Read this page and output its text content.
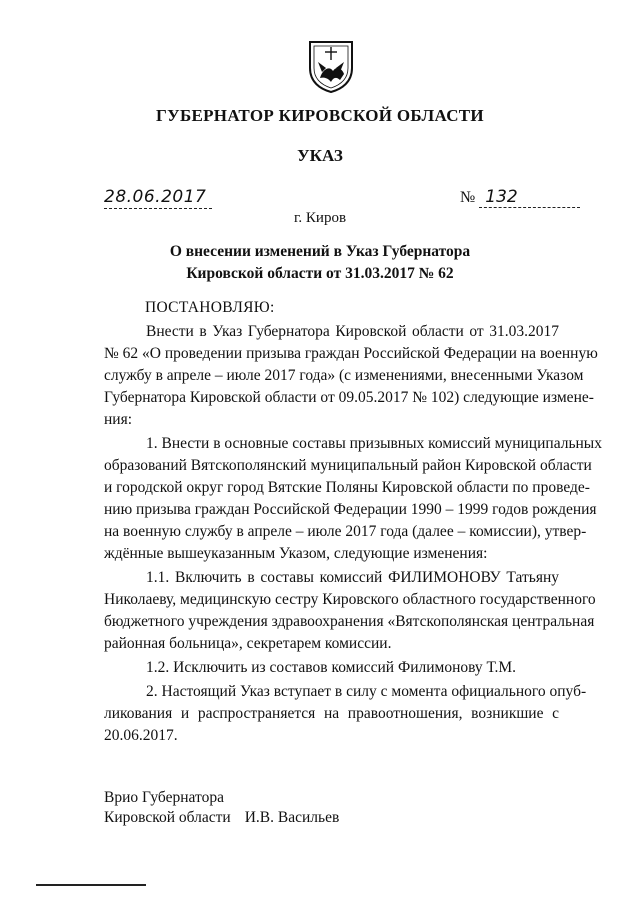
ГУБЕРНАТОР КИРОВСКОЙ ОБЛАСТИ
УКАЗ
28.06.2017	№ 132
г. Киров
О внесении изменений в Указ Губернатора
Кировской области от 31.03.2017 № 62
ПОСТАНОВЛЯЮ:
Внести в Указ Губернатора Кировской области от 31.03.2017
№ 62 «О проведении призыва граждан Российской Федерации на военную
службу в апреле – июле 2017 года» (с изменениями, внесенными Указом
Губернатора Кировской области от 09.05.2017 № 102) следующие измене-
ния:
1. Внести в основные составы призывных комиссий муниципальных
образований Вятскополянский муниципальный район Кировской области
и городской округ город Вятские Поляны Кировской области по проведе-
нию призыва граждан Российской Федерации 1990 – 1999 годов рождения
на военную службу в апреле – июле 2017 года (далее – комиссии), утвер-
ждённые вышеуказанным Указом, следующие изменения:
1.1. Включить в составы комиссий ФИЛИМОНОВУ Татьяну
Николаеву, медицинскую сестру Кировского областного государственного
бюджетного учреждения здравоохранения «Вятскополянская центральная
районная больница», секретарем комиссии.
1.2. Исключить из составов комиссий Филимонову Т.М.
2. Настоящий Указ вступает в силу с момента официального опуб-
ликования и распространяется на правоотношения, возникшие с
20.06.2017.
Врио Губернатора
Кировской области И.В. Васильев
